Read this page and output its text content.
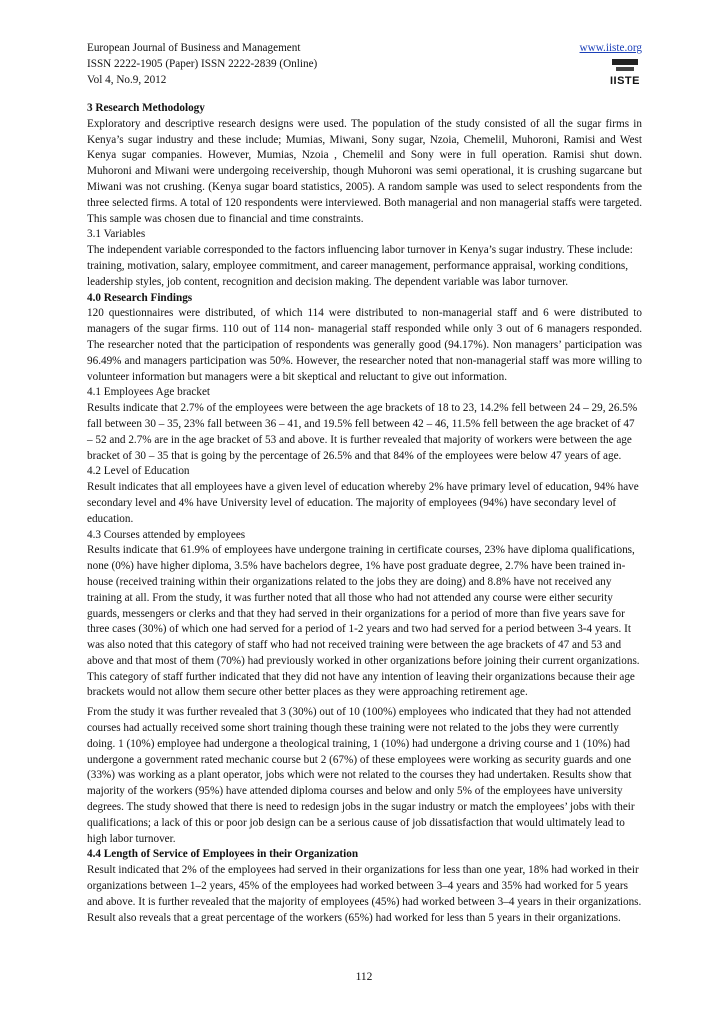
European Journal of Business and Management
ISSN 2222-1905 (Paper) ISSN 2222-2839 (Online)
Vol 4, No.9, 2012
www.iiste.org
IISTE

3 Research Methodology

Exploratory and descriptive research designs were used. The population of the study consisted of all the sugar firms in Kenya’s sugar industry and these include; Mumias, Miwani, Sony sugar, Nzoia, Chemelil, Muhoroni, Ramisi and West Kenya sugar companies. However, Mumias, Nzoia , Chemelil and Sony were in full operation. Ramisi shut down. Muhoroni and Miwani were undergoing receivership, though Muhoroni was semi operational, it is crushing sugarcane but Miwani was not crushing. (Kenya sugar board statistics, 2005). A random sample was used to select respondents from the three selected firms. A total of 120 respondents were interviewed. Both managerial and non managerial staffs were targeted. This sample was chosen due to financial and time constraints.

3.1 Variables

The independent variable corresponded to the factors influencing labor turnover in Kenya’s sugar industry. These include: training, motivation, salary, employee commitment, and career management, performance appraisal, working conditions, leadership styles, job content, recognition and decision making. The dependent variable was labor turnover.

4.0 Research Findings

120 questionnaires were distributed, of which 114 were distributed to non-managerial staff and 6 were distributed to managers of the sugar firms. 110 out of 114 non- managerial staff responded while only 3 out of 6 managers responded. The researcher noted that the participation of respondents was generally good (94.17%). Non managers’ participation was 96.49% and managers participation was 50%. However, the researcher noted that non-managerial staff was more willing to volunteer information but managers were a bit skeptical and reluctant to give out information.

4.1 Employees Age bracket

Results indicate that 2.7% of the employees were between the age brackets of 18 to 23, 14.2% fell between 24 – 29, 26.5% fall between 30 – 35, 23% fall between 36 – 41, and 19.5% fell between 42 – 46, 11.5% fell between the age bracket of 47 – 52 and 2.7% are in the age bracket of 53 and above. It is further revealed that majority of workers were between the age bracket of 30 – 35 that is going by the percentage of 26.5% and that 84% of the employees were below 47 years of age.

4.2 Level of Education

Result indicates that all employees have a given level of education whereby 2% have primary level of education, 94% have secondary level and 4% have University level of education. The majority of employees (94%) have secondary level of education.

4.3 Courses attended by employees

Results indicate that 61.9% of employees have undergone training in certificate courses, 23% have diploma qualifications, none (0%) have higher diploma, 3.5% have bachelors degree, 1% have post graduate degree, 2.7% have been trained in-house (received training within their organizations related to the jobs they are doing) and 8.8% have not received any training at all. From the study, it was further noted that all those who had not attended any course were either security guards, messengers or clerks and that they had served in their organizations for a period of more than five years save for three cases (30%) of which one had served for a period of 1-2 years and two had served for a period between 3-4 years. It was also noted that this category of staff who had not received training were between the age brackets of 47 and 53 and above and that most of them (70%) had previously worked in other organizations before joining their current organizations. This category of staff further indicated that they did not have any intention of leaving their organizations because their age brackets would not allow them secure other better places as they were approaching retirement age.

From the study it was further revealed that 3 (30%) out of 10 (100%) employees who indicated that they had not attended courses had actually received some short training though these training were not related to the jobs they were currently doing. 1 (10%) employee had undergone a theological training, 1 (10%) had undergone a driving course and 1 (10%) had undergone a government rated mechanic course but 2 (67%) of these employees were working as security guards and one (33%) was working as a plant operator, jobs which were not related to the courses they had undertaken. Results show that majority of the workers (95%) have attended diploma courses and below and only 5% of the employees have university degrees. The study showed that there is need to redesign jobs in the sugar industry or match the employees’ jobs with their qualifications; a lack of this or poor job design can be a serious cause of job dissatisfaction that would ultimately lead to high labor turnover.

4.4 Length of Service of Employees in their Organization

Result indicated that 2% of the employees had served in their organizations for less than one year, 18% had worked in their organizations between 1–2 years, 45% of the employees had worked between 3–4 years and 35% had worked for 5 years and above. It is further revealed that the majority of employees (45%) had worked between 3–4 years in their organizations. Result also reveals that a great percentage of the workers (65%) had worked for less than 5 years in their organizations.

112
